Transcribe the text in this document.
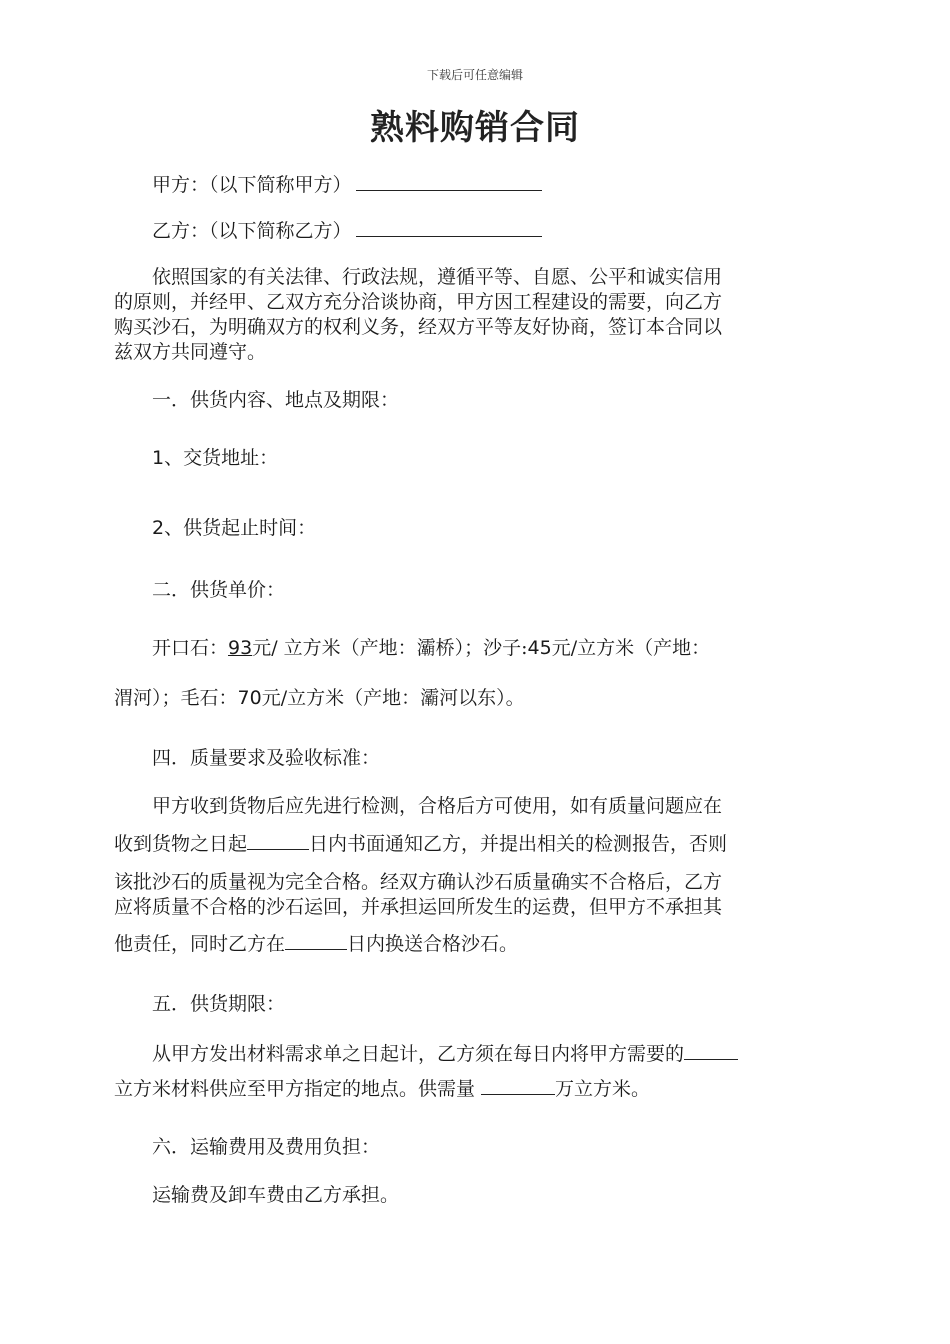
下载后可任意编辑
熟料购销合同
甲方：（以下简称甲方）
乙方：（以下简称乙方）
依照国家的有关法律、行政法规，遵循平等、自愿、公平和诚实信用
的原则，并经甲、乙双方充分洽谈协商，甲方因工程建设的需要，向乙方
购买沙石，为明确双方的权利义务，经双方平等友好协商，签订本合同以
兹双方共同遵守。
一．供货内容、地点及期限：
1、交货地址：
2、供货起止时间：
二．供货单价：
开口石：93元/ 立方米（产地：灞桥）；沙子:45元/立方米（产地：
渭河）；毛石：70元/立方米（产地：灞河以东）。
四．质量要求及验收标准：
甲方收到货物后应先进行检测，合格后方可使用，如有质量问题应在
收到货物之日起	日内书面通知乙方，并提出相关的检测报告，否则
该批沙石的质量视为完全合格。经双方确认沙石质量确实不合格后，乙方
应将质量不合格的沙石运回，并承担运回所发生的运费，但甲方不承担其
他责任，同时乙方在	日内换送合格沙石。
五．供货期限：
从甲方发出材料需求单之日起计，乙方须在每日内将甲方需要的
立方米材料供应至甲方指定的地点。供需量	万立方米。
六．运输费用及费用负担：
运输费及卸车费由乙方承担。
